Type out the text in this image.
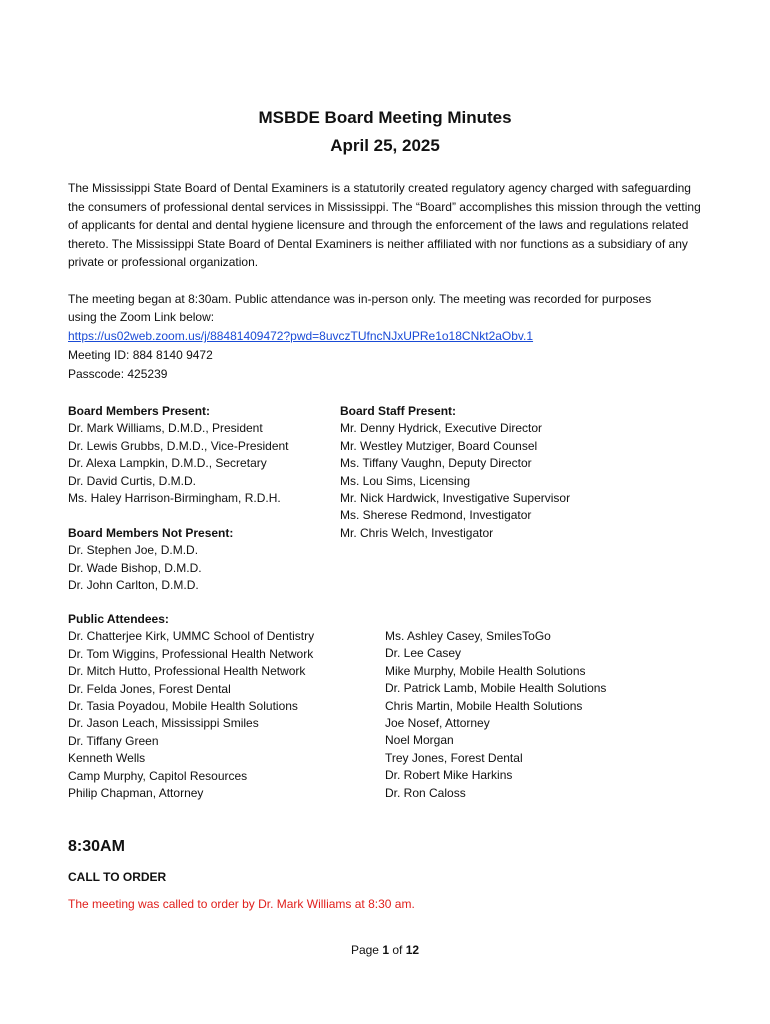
MSBDE Board Meeting Minutes
April 25, 2025
The Mississippi State Board of Dental Examiners is a statutorily created regulatory agency charged with safeguarding the consumers of professional dental services in Mississippi. The “Board” accomplishes this mission through the vetting of applicants for dental and dental hygiene licensure and through the enforcement of the laws and regulations related thereto. The Mississippi State Board of Dental Examiners is neither affiliated with nor functions as a subsidiary of any private or professional organization.
The meeting began at 8:30am. Public attendance was in-person only. The meeting was recorded for purposes
using the Zoom Link below:
https://us02web.zoom.us/j/88481409472?pwd=8uvczTUfncNJxUPRe1o18CNkt2aObv.1
Meeting ID: 884 8140 9472
Passcode: 425239
Board Members Present:
Dr. Mark Williams, D.M.D., President
Dr. Lewis Grubbs, D.M.D., Vice-President
Dr. Alexa Lampkin, D.M.D., Secretary
Dr. David Curtis, D.M.D.
Ms. Haley Harrison-Birmingham, R.D.H.
Board Staff Present:
Mr. Denny Hydrick, Executive Director
Mr. Westley Mutziger, Board Counsel
Ms. Tiffany Vaughn, Deputy Director
Ms. Lou Sims, Licensing
Mr. Nick Hardwick, Investigative Supervisor
Ms. Sherese Redmond, Investigator
Mr. Chris Welch, Investigator
Board Members Not Present:
Dr. Stephen Joe, D.M.D.
Dr. Wade Bishop, D.M.D.
Dr. John Carlton, D.M.D.
Public Attendees:
Dr. Chatterjee Kirk, UMMC School of Dentistry
Dr. Tom Wiggins, Professional Health Network
Dr. Mitch Hutto, Professional Health Network
Dr. Felda Jones, Forest Dental
Dr. Tasia Poyadou, Mobile Health Solutions
Dr. Jason Leach, Mississippi Smiles
Dr. Tiffany Green
Kenneth Wells
Camp Murphy, Capitol Resources
Philip Chapman, Attorney
Ms. Ashley Casey, SmilesToGo
Dr. Lee Casey
Mike Murphy, Mobile Health Solutions
Dr. Patrick Lamb, Mobile Health Solutions
Chris Martin, Mobile Health Solutions
Joe Nosef, Attorney
Noel Morgan
Trey Jones, Forest Dental
Dr. Robert Mike Harkins
Dr. Ron Caloss
8:30AM
CALL TO ORDER
The meeting was called to order by Dr. Mark Williams at 8:30 am.
Page 1 of 12
